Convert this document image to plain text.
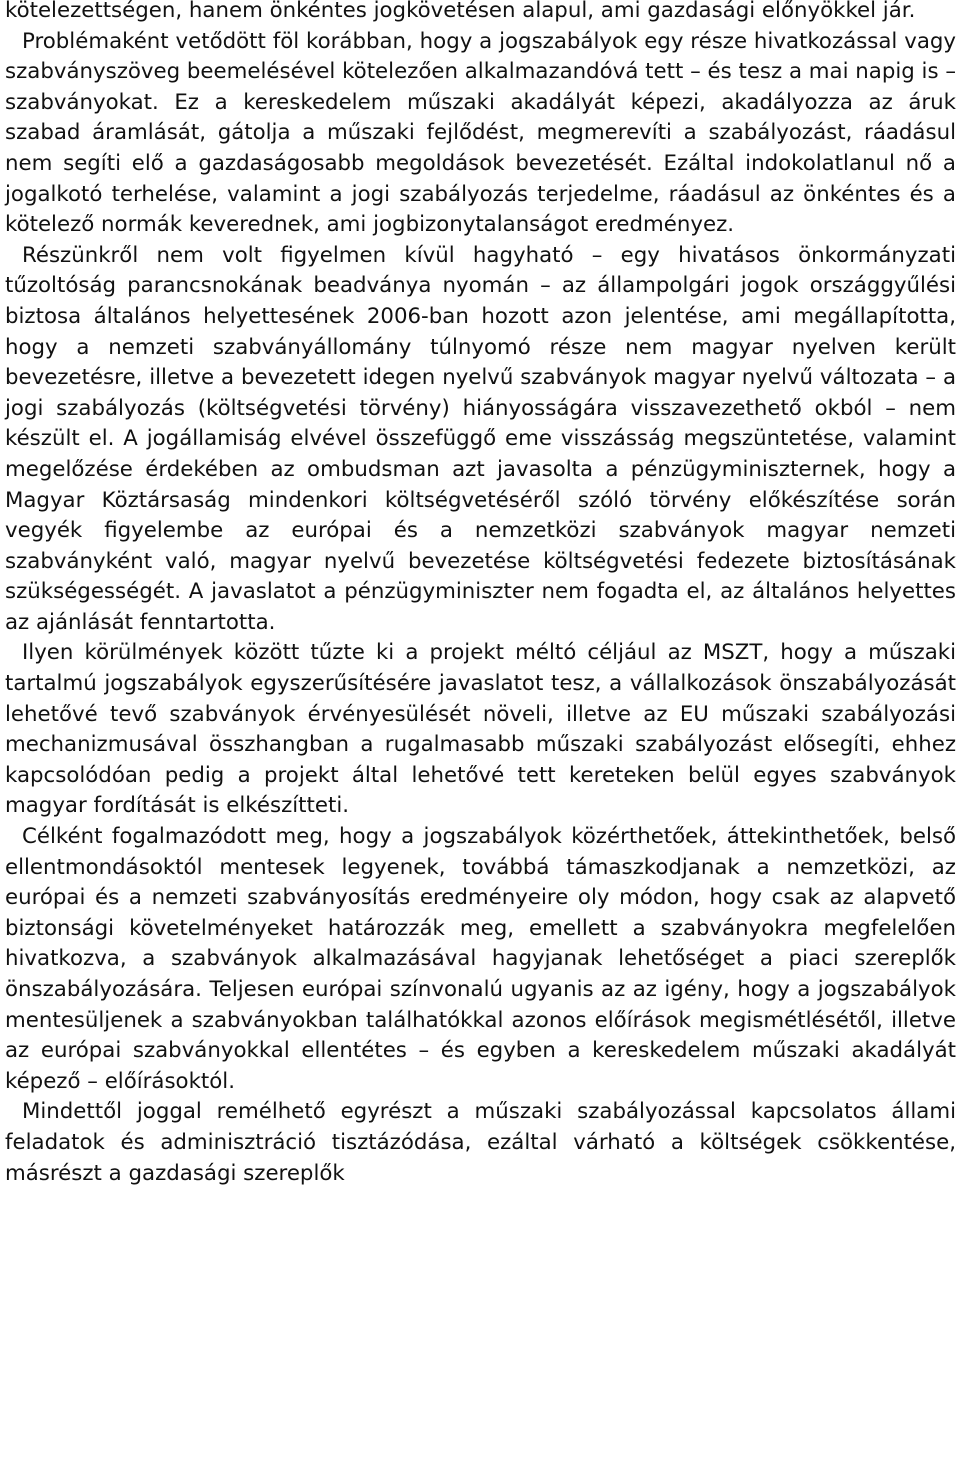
kötelezettségen, hanem önkéntes jogkövetésen alapul, ami gazdasági előnyökkel jár.

Problémaként vetődött föl korábban, hogy a jogszabályok egy része hivatkozással vagy szabványszöveg beemelésével kötelezően alkalmazandóvá tett – és tesz a mai napig is – szabványokat. Ez a kereskedelem műszaki akadályát képezi, akadályozza az áruk szabad áramlását, gátolja a műszaki fejlődést, megmerevíti a szabályozást, ráadásul nem segíti elő a gazdaságosabb megoldások bevezetését. Ezáltal indokolatlanul nő a jogalkotó terhelése, valamint a jogi szabályozás terjedelme, ráadásul az önkéntes és a kötelező normák keverednek, ami jogbizonytalanságot eredményez.

Részünkről nem volt figyelmen kívül hagyható – egy hivatásos önkormányzati tűzoltóság parancsnokának beadványa nyomán – az állampolgári jogok országgyűlési biztosa általános helyettesének 2006-ban hozott azon jelentése, ami megállapította, hogy a nemzeti szabványállomány túlnyomó része nem magyar nyelven került bevezetésre, illetve a bevezetett idegen nyelvű szabványok magyar nyelvű változata – a jogi szabályozás (költségvetési törvény) hiányosságára visszavezethető okból – nem készült el. A jogállamiság elvével összefüggő eme visszásság megszüntetése, valamint megelőzése érdekében az ombudsman azt javasolta a pénzügyminiszternek, hogy a Magyar Köztársaság mindenkori költségvetéséről szóló törvény előkészítése során vegyék figyelembe az európai és a nemzetközi szabványok magyar nemzeti szabványként való, magyar nyelvű bevezetése költségvetési fedezete biztosításának szükségességét. A javaslatot a pénzügyminiszter nem fogadta el, az általános helyettes az ajánlását fenntartotta.

Ilyen körülmények között tűzte ki a projekt méltó céljául az MSZT, hogy a műszaki tartalmú jogszabályok egyszerűsítésére javaslatot tesz, a vállalkozások önszabályozását lehetővé tevő szabványok érvényesülését növeli, illetve az EU műszaki szabályozási mechanizmusával összhangban a rugalmasabb műszaki szabályozást elősegíti, ehhez kapcsolódóan pedig a projekt által lehetővé tett kereteken belül egyes szabványok magyar fordítását is elkészítteti.

Célként fogalmazódott meg, hogy a jogszabályok közérthetőek, áttekinthetőek, belső ellentmondásoktól mentesek legyenek, továbbá támaszkodjanak a nemzetközi, az európai és a nemzeti szabványosítás eredményeire oly módon, hogy csak az alapvető biztonsági követelményeket határozzák meg, emellett a szabványokra megfelelően hivatkozva, a szabványok alkalmazásával hagyjanak lehetőséget a piaci szereplők önszabályozására. Teljesen európai színvonalú ugyanis az az igény, hogy a jogszabályok mentesüljenek a szabványokban találhatókkal azonos előírások megismétlésétől, illetve az európai szabványokkal ellentétes – és egyben a kereskedelem műszaki akadályát képező – előírásoktól.

Mindettől joggal remélhető egyrészt a műszaki szabályozással kapcsolatos állami feladatok és adminisztráció tisztázódása, ezáltal várható a költségek csökkentése, másrészt a gazdasági szereplők
